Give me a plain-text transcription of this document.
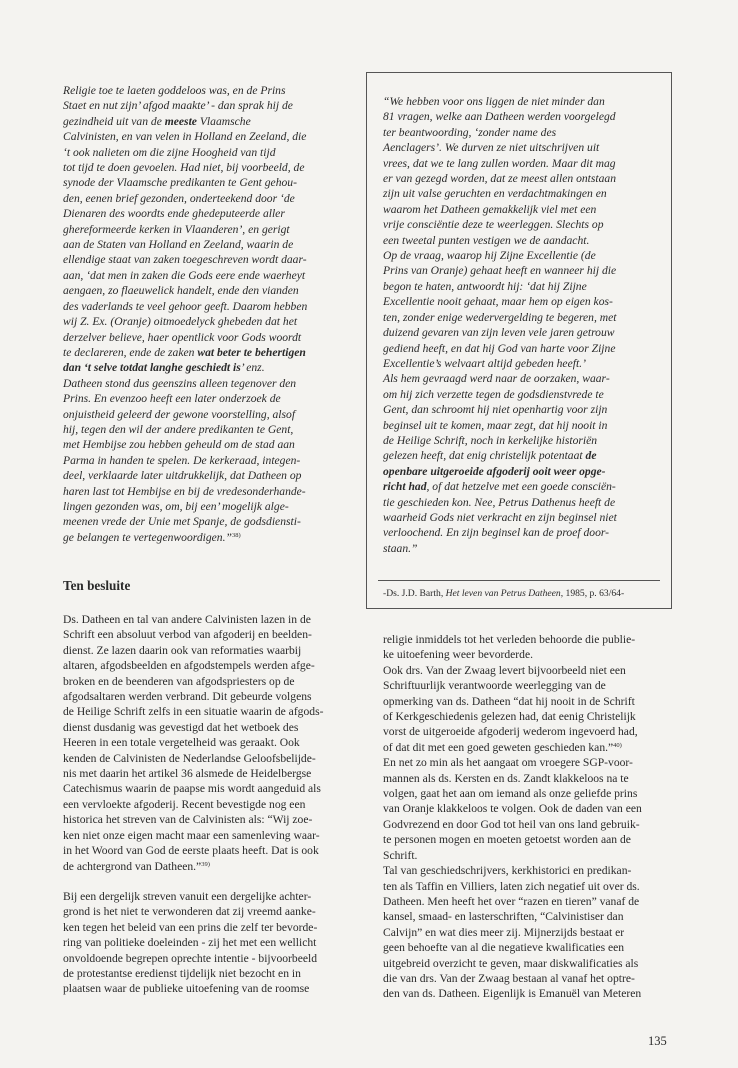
Religie toe te laeten goddeloos was, en de Prins
Staet en nut zijn’ afgod maakte’ - dan sprak hij de
gezindheid uit van de meeste Vlaamsche
Calvinisten, en van velen in Holland en Zeeland, die
‘t ook nalieten om die zijne Hoogheid van tijd
tot tijd te doen gevoelen. Had niet, bij voorbeeld, de
synode der Vlaamsche predikanten te Gent gehou-
den, eenen brief gezonden, onderteekend door ‘de
Dienaren des woordts ende ghedeputeerde aller
ghereformeerde kerken in Vlaanderen’, en gerigt
aan de Staten van Holland en Zeeland, waarin de
ellendige staat van zaken toegeschreven wordt daar-
aan, ‘dat men in zaken die Gods eere ende waerheyt
aengaen, zo flaeuwelick handelt, ende den vianden
des vaderlands te veel gehoor geeft. Daarom hebben
wij Z. Ex. (Oranje) oitmoedelyck ghebeden dat het
derzelver believe, haer opentlick voor Gods woordt
te declareren, ende de zaken wat beter te behertigen
dan ‘t selve totdat langhe geschiedt is’ enz.
Datheen stond dus geenszins alleen tegenover den
Prins. En evenzoo heeft een later onderzoek de
onjuistheid geleerd der gewone voorstelling, alsof
hij, tegen den wil der andere predikanten te Gent,
met Hembijse zou hebben geheuld om de stad aan
Parma in handen te spelen. De kerkeraad, integen-
deel, verklaarde later uitdrukkelijk, dat Datheen op
haren last tot Hembijse en bij de vredesonderhande-
lingen gezonden was, om, bij een’ mogelijk alge-
meenen vrede der Unie met Spanje, de godsdiensti-
ge belangen te vertegenwoordigen.”$^{38)}$
“We hebben voor ons liggen de niet minder dan
81 vragen, welke aan Datheen werden voorgelegd
ter beantwoording, ‘zonder name des
Aenclagers’. We durven ze niet uitschrijven uit
vrees, dat we te lang zullen worden. Maar dit mag
er van gezegd worden, dat ze meest allen ontstaan
zijn uit valse geruchten en verdachtmakingen en
waarom het Datheen gemakkelijk viel met een
vrije consciëntie deze te weerleggen. Slechts op
een tweetal punten vestigen we de aandacht.
Op de vraag, waarop hij Zijne Excellentie (de
Prins van Oranje) gehaat heeft en wanneer hij die
begon te haten, antwoordt hij: ‘dat hij Zijne
Excellentie nooit gehaat, maar hem op eigen kos-
ten, zonder enige wedervergelding te begeren, met
duizend gevaren van zijn leven vele jaren getrouw
gediend heeft, en dat hij God van harte voor Zijne
Excellentie’s welvaart altijd gebeden heeft.’
Als hem gevraagd werd naar de oorzaken, waar-
om hij zich verzette tegen de godsdienstvrede te
Gent, dan schroomt hij niet openhartig voor zijn
beginsel uit te komen, maar zegt, dat hij nooit in
de Heilige Schrift, noch in kerkelijke historiën
gelezen heeft, dat enig christelijk potentaat de
openbare uitgeroeide afgoderij ooit weer opge-
richt had, of dat hetzelve met een goede consciën-
tie geschieden kon. Nee, Petrus Dathenus heeft de
waarheid Gods niet verkracht en zijn beginsel niet
verloochend. En zijn beginsel kan de proef door-
staan.”
-Ds. J.D. Barth, Het leven van Petrus Datheen, 1985, p. 63/64-
Ten besluite
Ds. Datheen en tal van andere Calvinisten lazen in de
Schrift een absoluut verbod van afgoderij en beelden-
dienst. Ze lazen daarin ook van reformaties waarbij
altaren, afgodsbeelden en afgodstempels werden afge-
broken en de beenderen van afgodspriesters op de
afgodsaltaren werden verbrand. Dit gebeurde volgens
de Heilige Schrift zelfs in een situatie waarin de afgods-
dienst dusdanig was gevestigd dat het wetboek des
Heeren in een totale vergetelheid was geraakt. Ook
kenden de Calvinisten de Nederlandse Geloofsbelijde-
nis met daarin het artikel 36 alsmede de Heidelbergse
Catechismus waarin de paapse mis wordt aangeduid als
een vervloekte afgoderij. Recent bevestigde nog een
historica het streven van de Calvinisten als: “Wij zoe-
ken niet onze eigen macht maar een samenleving waar-
in het Woord van God de eerste plaats heeft. Dat is ook
de achtergrond van Datheen.”$^{39)}$
Bij een dergelijk streven vanuit een dergelijke achter-
grond is het niet te verwonderen dat zij vreemd aanke-
ken tegen het beleid van een prins die zelf ter bevorde-
ring van politieke doeleinden - zij het met een wellicht
onvoldoende begrepen oprechte intentie - bijvoorbeeld
de protestantse eredienst tijdelijk niet bezocht en in
plaatsen waar de publieke uitoefening van de roomse
religie inmiddels tot het verleden behoorde die publie-
ke uitoefening weer bevorderde.
Ook drs. Van der Zwaag levert bijvoorbeeld niet een
Schriftuurlijk verantwoorde weerlegging van de
opmerking van ds. Datheen “dat hij nooit in de Schrift
of Kerkgeschiedenis gelezen had, dat eenig Christelijk
vorst de uitgeroeide afgoderij wederom ingevoerd had,
of dat dit met een goed geweten geschieden kan.”$^{40)}$
En net zo min als het aangaat om vroegere SGP-voor-
mannen als ds. Kersten en ds. Zandt klakkeloos na te
volgen, gaat het aan om iemand als onze geliefde prins
van Oranje klakkeloos te volgen. Ook de daden van een
Godvrezend en door God tot heil van ons land gebruik-
te personen mogen en moeten getoetst worden aan de
Schrift.
Tal van geschiedschrijvers, kerkhistorici en predikan-
ten als Taffin en Villiers, laten zich negatief uit over ds.
Datheen. Men heeft het over “razen en tieren” vanaf de
kansel, smaad- en lasterschriften, “Calvinistiser dan
Calvijn” en wat dies meer zij. Mijnerzijds bestaat er
geen behoefte van al die negatieve kwalificaties een
uitgebreid overzicht te geven, maar diskwalificaties als
die van drs. Van der Zwaag bestaan al vanaf het optre-
den van ds. Datheen. Eigenlijk is Emanuël van Meteren
135
